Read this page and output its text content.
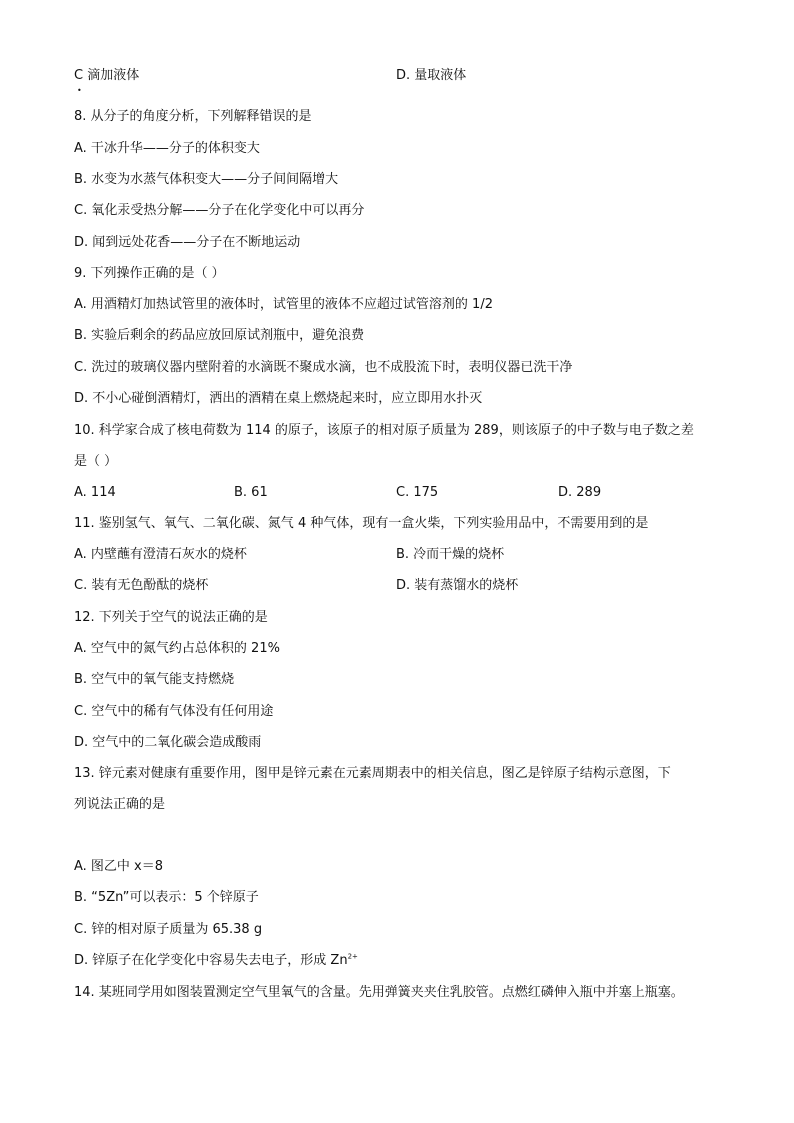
C 滴加液体
•
D. 量取液体
8. 从分子的角度分析，下列解释错误的是
A. 干冰升华——分子的体积变大
B. 水变为水蒸气体积变大——分子间间隔增大
C. 氧化汞受热分解——分子在化学变化中可以再分
D. 闻到远处花香——分子在不断地运动
9. 下列操作正确的是（ ）
A. 用酒精灯加热试管里的液体时，试管里的液体不应超过试管溶剂的 1/2
B. 实验后剩余的药品应放回原试剂瓶中，避免浪费
C. 洗过的玻璃仪器内壁附着的水滴既不聚成水滴，也不成股流下时，表明仪器已洗干净
D. 不小心碰倒酒精灯，洒出的酒精在桌上燃烧起来时，应立即用水扑灭
10. 科学家合成了核电荷数为 114 的原子，该原子的相对原子质量为 289，则该原子的中子数与电子数之差
是（ ）
A. 114	B. 61	C. 175	D. 289
11. 鉴别氢气、氧气、二氧化碳、氮气 4 种气体，现有一盒火柴，下列实验用品中，不需要用到的是
A. 内壁蘸有澄清石灰水的烧杯	B. 冷而干燥的烧杯
C. 装有无色酚酞的烧杯	D. 装有蒸馏水的烧杯
12. 下列关于空气的说法正确的是
A. 空气中的氮气约占总体积的 21%
B. 空气中的氧气能支持燃烧
C. 空气中的稀有气体没有任何用途
D. 空气中的二氧化碳会造成酸雨
13. 锌元素对健康有重要作用，图甲是锌元素在元素周期表中的相关信息，图乙是锌原子结构示意图，下
列说法正确的是
A. 图乙中 x＝8
B. “5Zn”可以表示：5 个锌原子
C. 锌的相对原子质量为 65.38 g
D. 锌原子在化学变化中容易失去电子，形成 $Zn^{2+}$
14. 某班同学用如图装置测定空气里氧气的含量。先用弹簧夹夹住乳胶管。点燃红磷伸入瓶中并塞上瓶塞。
